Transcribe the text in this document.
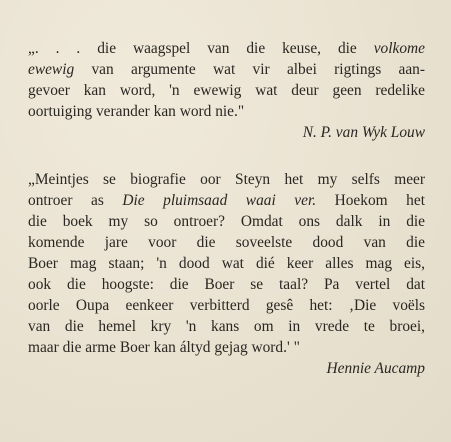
„. . . die waagspel van die keuse, die volkome
ewewig van argumente wat vir albei rigtings aan-
gevoer kan word, 'n ewewig wat deur geen redelike
oortuiging verander kan word nie."
N. P. van Wyk Louw
„Meintjes se biografie oor Steyn het my selfs meer
ontroer as Die pluimsaad waai ver. Hoekom het
die boek my so ontroer? Omdat ons dalk in die
komende jare voor die soveelste dood van die
Boer mag staan; 'n dood wat dié keer alles mag eis,
ook die hoogste: die Boer se taal? Pa vertel dat
oorle Oupa eenkeer verbitterd gesê het: ‚Die voëls
van die hemel kry 'n kans om in vrede te broei,
maar die arme Boer kan áltyd gejag word.' "
Hennie Aucamp
